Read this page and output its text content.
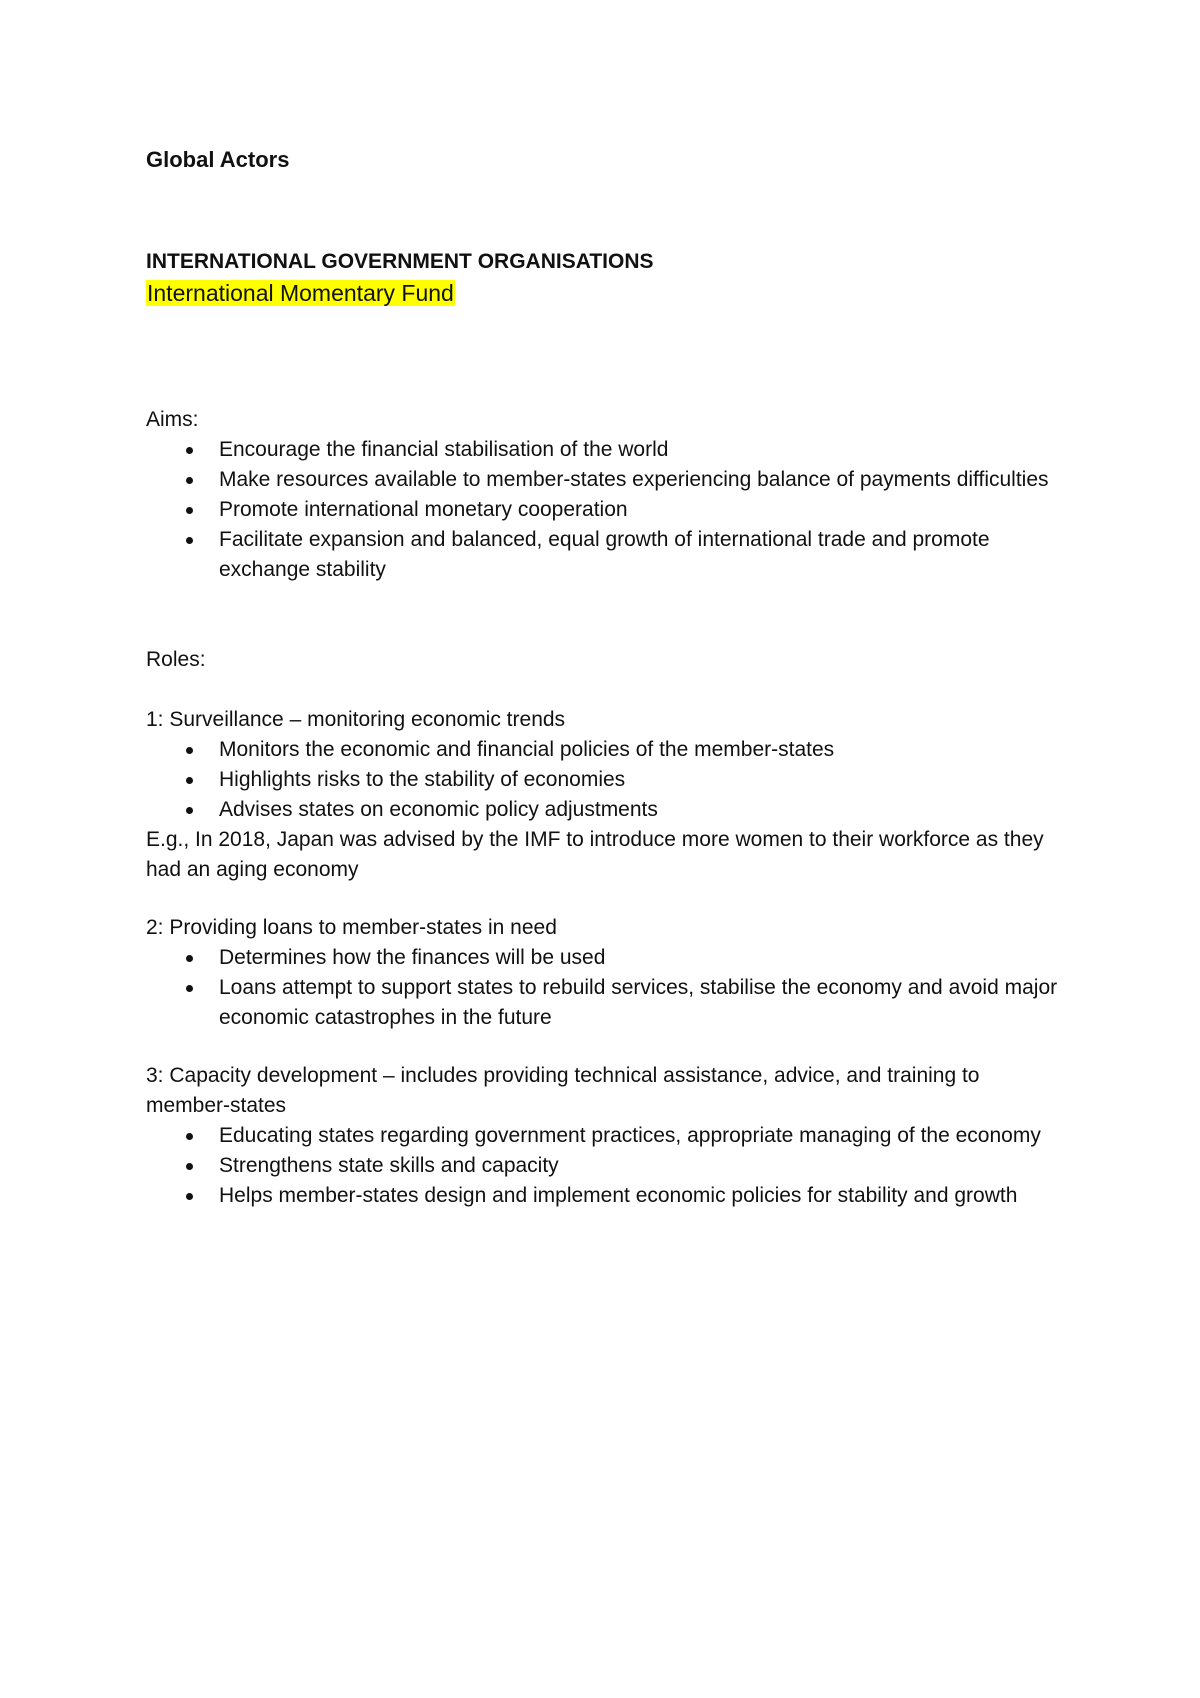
Global Actors

INTERNATIONAL GOVERNMENT ORGANISATIONS

International Momentary Fund

Aims:

Encourage the financial stabilisation of the world
Make resources available to member-states experiencing balance of payments difficulties
Promote international monetary cooperation
Facilitate expansion and balanced, equal growth of international trade and promote exchange stability

Roles:

1: Surveillance – monitoring economic trends

Monitors the economic and financial policies of the member-states
Highlights risks to the stability of economies
Advises states on economic policy adjustments

E.g., In 2018, Japan was advised by the IMF to introduce more women to their workforce as they had an aging economy

2: Providing loans to member-states in need

Determines how the finances will be used
Loans attempt to support states to rebuild services, stabilise the economy and avoid major economic catastrophes in the future

3: Capacity development – includes providing technical assistance, advice, and training to member-states

Educating states regarding government practices, appropriate managing of the economy
Strengthens state skills and capacity
Helps member-states design and implement economic policies for stability and growth
